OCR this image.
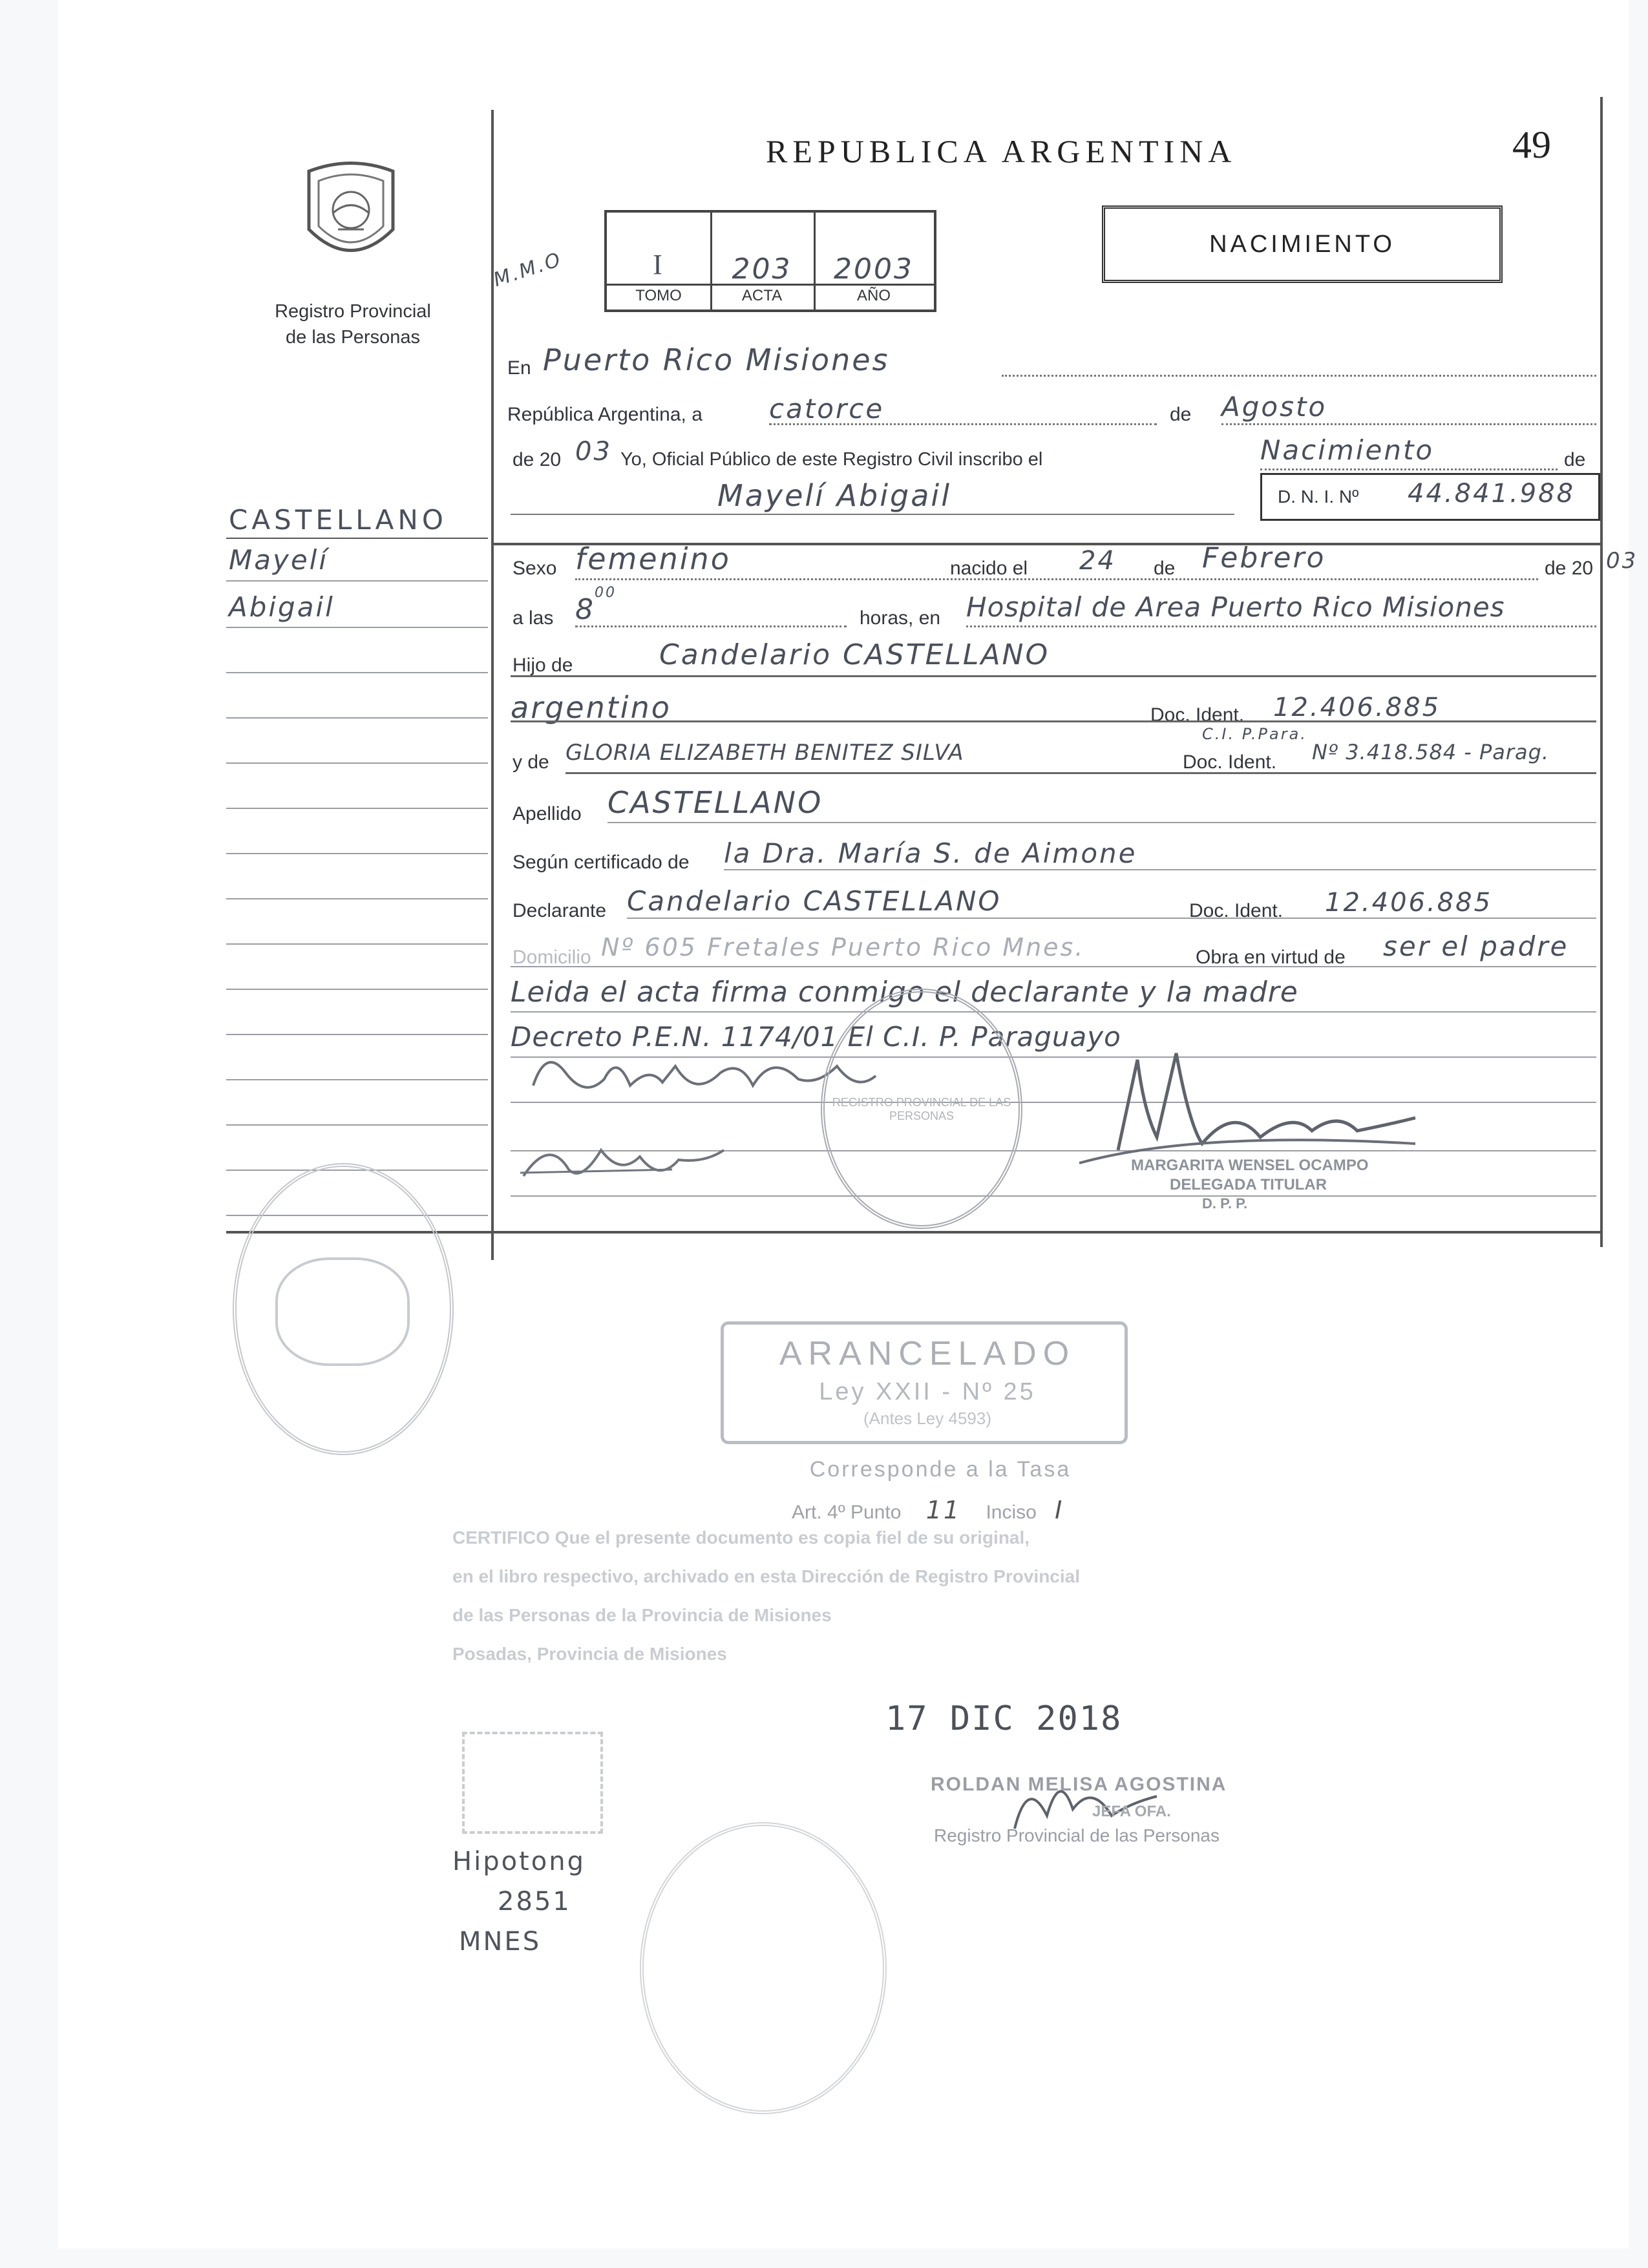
Registro Provincial
de las Personas
M.M.O
REPUBLICA ARGENTINA	49
I	203	2003
TOMO	ACTA	AÑO
NACIMIENTO
CASTELLANO
Mayelí
Abigail
En Puerto Rico Misiones
República Argentina, a catorce	de Agosto
de 20 03 Yo, Oficial Público de este Registro Civil inscribo el	Nacimiento	de
Mayelí Abigail	D. N. I. Nº 44.841.988
Sexo femenino	nacido el 24 de Febrero	de 20 03
a las 8
00
horas, en Hospital de Area Puerto Rico Misiones
Hijo de	Candelario CASTELLANO
argentino	Doc. Ident. 12.406.885
y de GLORIA ELIZABETH BENITEZ SILVA
C.I. P.Para.
Doc. Ident. Nº 3.418.584 - Parag.
Apellido CASTELLANO
Según certificado de la Dra. María S. de Aimone
Declarante Candelario CASTELLANO	Doc. Ident. 12.406.885
Domicilio Nº 605 Fretales Puerto Rico Mnes.	Obra en virtud de ser el padre
Leida el acta firma conmigo el declarante y la madre
Decreto P.E.N. 1174/01 El C.I. P. Paraguayo
REGISTRO PROVINCIAL DE LAS PERSONAS
MARGARITA WENSEL OCAMPO
DELEGADA TITULAR
D. P. P.
ARANCELADO
Ley XXII - Nº 25
(Antes Ley 4593)
Corresponde a la Tasa
Art. 4º Punto 11 Inciso I
CERTIFICO Que el presente documento es copia fiel de su original,
en el libro respectivo, archivado en esta Dirección de Registro Provincial
de las Personas de la Provincia de Misiones
Posadas, Provincia de Misiones
17 DIC 2018
ROLDAN MELISA AGOSTINA
JEFA OFA.
Registro Provincial de las Personas
Hipotong
2851
MNES
